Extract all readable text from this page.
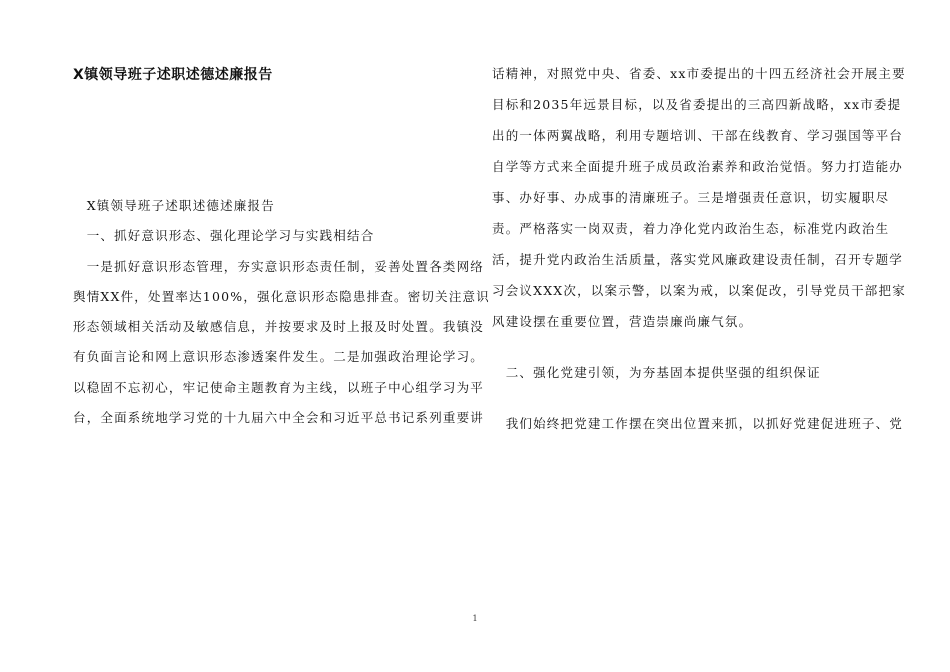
X镇领导班子述职述德述廉报告
　X镇领导班子述职述德述廉报告
　一、抓好意识形态、强化理论学习与实践相结合
　一是抓好意识形态管理，夯实意识形态责任制，妥善处置各类网络
舆情XX件，处置率达100%，强化意识形态隐患排查。密切关注意识
形态领域相关活动及敏感信息，并按要求及时上报及时处置。我镇没
有负面言论和网上意识形态渗透案件发生。二是加强政治理论学习。
以稳固不忘初心，牢记使命主题教育为主线，以班子中心组学习为平
台，全面系统地学习党的十九届六中全会和习近平总书记系列重要讲
话精神，对照党中央、省委、xx市委提出的十四五经济社会开展主要
目标和2035年远景目标，以及省委提出的三高四新战略，xx市委提
出的一体两翼战略，利用专题培训、干部在线教育、学习强国等平台
自学等方式来全面提升班子成员政治素养和政治觉悟。努力打造能办
事、办好事、办成事的清廉班子。三是增强责任意识，切实履职尽
责。严格落实一岗双责，着力净化党内政治生态，标准党内政治生
活，提升党内政治生活质量，落实党风廉政建设责任制，召开专题学
习会议XXX次，以案示警，以案为戒，以案促改，引导党员干部把家
风建设摆在重要位置，营造崇廉尚廉气氛。
　二、强化党建引领，为夯基固本提供坚强的组织保证
　我们始终把党建工作摆在突出位置来抓，以抓好党建促进班子、党
1
